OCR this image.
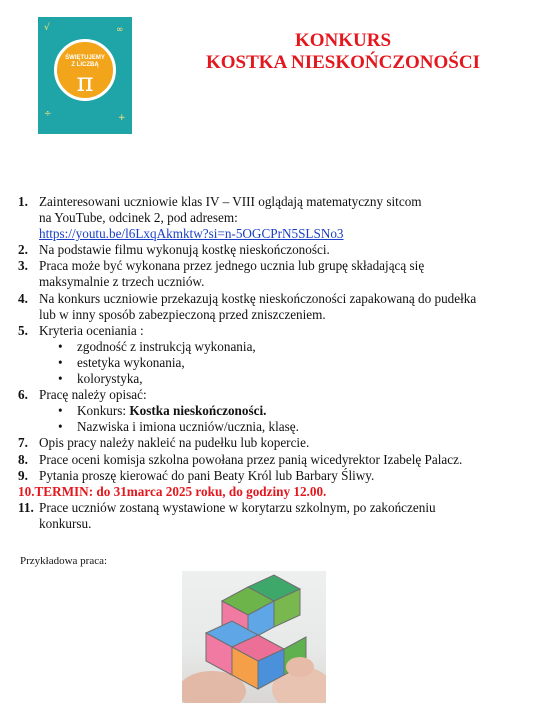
√	∞
÷	+
ŚWIĘTUJEMY
Z LICZBĄ
π
KONKURS
KOSTKA NIESKOŃCZONOŚCI
1. Zainteresowani uczniowie klas IV – VIII oglądają matematyczny sitcom
na YouTube, odcinek 2, pod adresem:
https://youtu.be/l6LxqAkmktw?si=n-5OGCPrN5SLSNo3
2. Na podstawie filmu wykonują kostkę nieskończoności.
3. Praca może być wykonana przez jednego ucznia lub grupę składającą się
maksymalnie z trzech uczniów.
4. Na konkurs uczniowie przekazują kostkę nieskończoności zapakowaną do pudełka
lub w inny sposób zabezpieczoną przed zniszczeniem.
5. Kryteria oceniania :
• zgodność z instrukcją wykonania,
• estetyka wykonania,
• kolorystyka,
6. Pracę należy opisać:
• Konkurs: Kostka nieskończoności.
• Nazwiska i imiona uczniów/ucznia, klasę.
7. Opis pracy należy nakleić na pudełku lub kopercie.
8. Prace oceni komisja szkolna powołana przez panią wicedyrektor Izabelę Palacz.
9. Pytania proszę kierować do pani Beaty Król lub Barbary Śliwy.
10.TERMIN: do 31marca 2025 roku, do godziny 12.00.
11. Prace uczniów zostaną wystawione w korytarzu szkolnym, po zakończeniu
konkursu.
Przykładowa praca:
